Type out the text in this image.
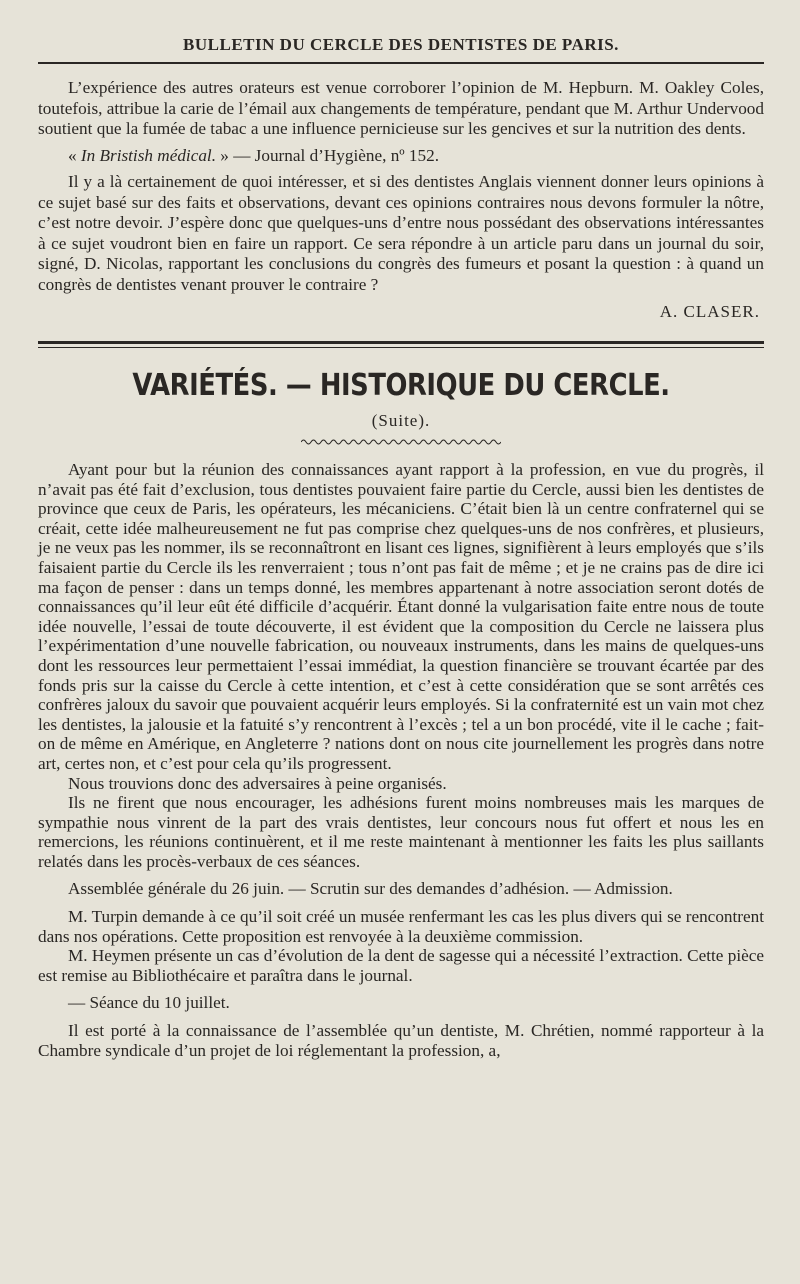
BULLETIN DU CERCLE DES DENTISTES DE PARIS.

L’expérience des autres orateurs est venue corroborer l’opinion de M. Hepburn. M. Oakley Coles, toutefois, attribue la carie de l’émail aux changements de température, pendant que M. Arthur Undervood soutient que la fumée de tabac a une influence pernicieuse sur les gencives et sur la nutrition des dents.

« In Bristish médical. » — Journal d’Hygiène, nº 152.

Il y a là certainement de quoi intéresser, et si des dentistes Anglais viennent donner leurs opinions à ce sujet basé sur des faits et observations, devant ces opinions contraires nous devons formuler la nôtre, c’est notre devoir. J’espère donc que quelques-uns d’entre nous possédant des observations intéressantes à ce sujet voudront bien en faire un rapport. Ce sera répondre à un article paru dans un journal du soir, signé, D. Nicolas, rapportant les conclusions du congrès des fumeurs et posant la question : à quand un congrès de dentistes venant prouver le contraire ?

A. CLASER.
VARIÉTÉS. — HISTORIQUE DU CERCLE.
(Suite).

Ayant pour but la réunion des connaissances ayant rapport à la profession, en vue du progrès, il n’avait pas été fait d’exclusion, tous dentistes pouvaient faire partie du Cercle, aussi bien les dentistes de province que ceux de Paris, les opérateurs, les mécaniciens. C’était bien là un centre confraternel qui se créait, cette idée malheureusement ne fut pas comprise chez quelques-uns de nos confrères, et plusieurs, je ne veux pas les nommer, ils se reconnaîtront en lisant ces lignes, signifièrent à leurs employés que s’ils faisaient partie du Cercle ils les renverraient ; tous n’ont pas fait de même ; et je ne crains pas de dire ici ma façon de penser : dans un temps donné, les membres appartenant à notre association seront dotés de connaissances qu’il leur eût été difficile d’acquérir. Étant donné la vulgarisation faite entre nous de toute idée nouvelle, l’essai de toute découverte, il est évident que la composition du Cercle ne laissera plus l’expérimentation d’une nouvelle fabrication, ou nouveaux instruments, dans les mains de quelques-uns dont les ressources leur permettaient l’essai immédiat, la question financière se trouvant écartée par des fonds pris sur la caisse du Cercle à cette intention, et c’est à cette considération que se sont arrêtés ces confrères jaloux du savoir que pouvaient acquérir leurs employés. Si la confraternité est un vain mot chez les dentistes, la jalousie et la fatuité s’y rencontrent à l’excès ; tel a un bon procédé, vite il le cache ; fait-on de même en Amérique, en Angleterre ? nations dont on nous cite journellement les progrès dans notre art, certes non, et c’est pour cela qu’ils progressent.

Nous trouvions donc des adversaires à peine organisés.

Ils ne firent que nous encourager, les adhésions furent moins nombreuses mais les marques de sympathie nous vinrent de la part des vrais dentistes, leur concours nous fut offert et nous les en remercions, les réunions continuèrent, et il me reste maintenant à mentionner les faits les plus saillants relatés dans les procès-verbaux de ces séances.

Assemblée générale du 26 juin. — Scrutin sur des demandes d’adhésion. — Admission.

M. Turpin demande à ce qu’il soit créé un musée renfermant les cas les plus divers qui se rencontrent dans nos opérations. Cette proposition est renvoyée à la deuxième commission.

M. Heymen présente un cas d’évolution de la dent de sagesse qui a nécessité l’extraction. Cette pièce est remise au Bibliothécaire et paraîtra dans le journal.

— Séance du 10 juillet.

Il est porté à la connaissance de l’assemblée qu’un dentiste, M. Chrétien, nommé rapporteur à la Chambre syndicale d’un projet de loi réglementant la profession, a,
